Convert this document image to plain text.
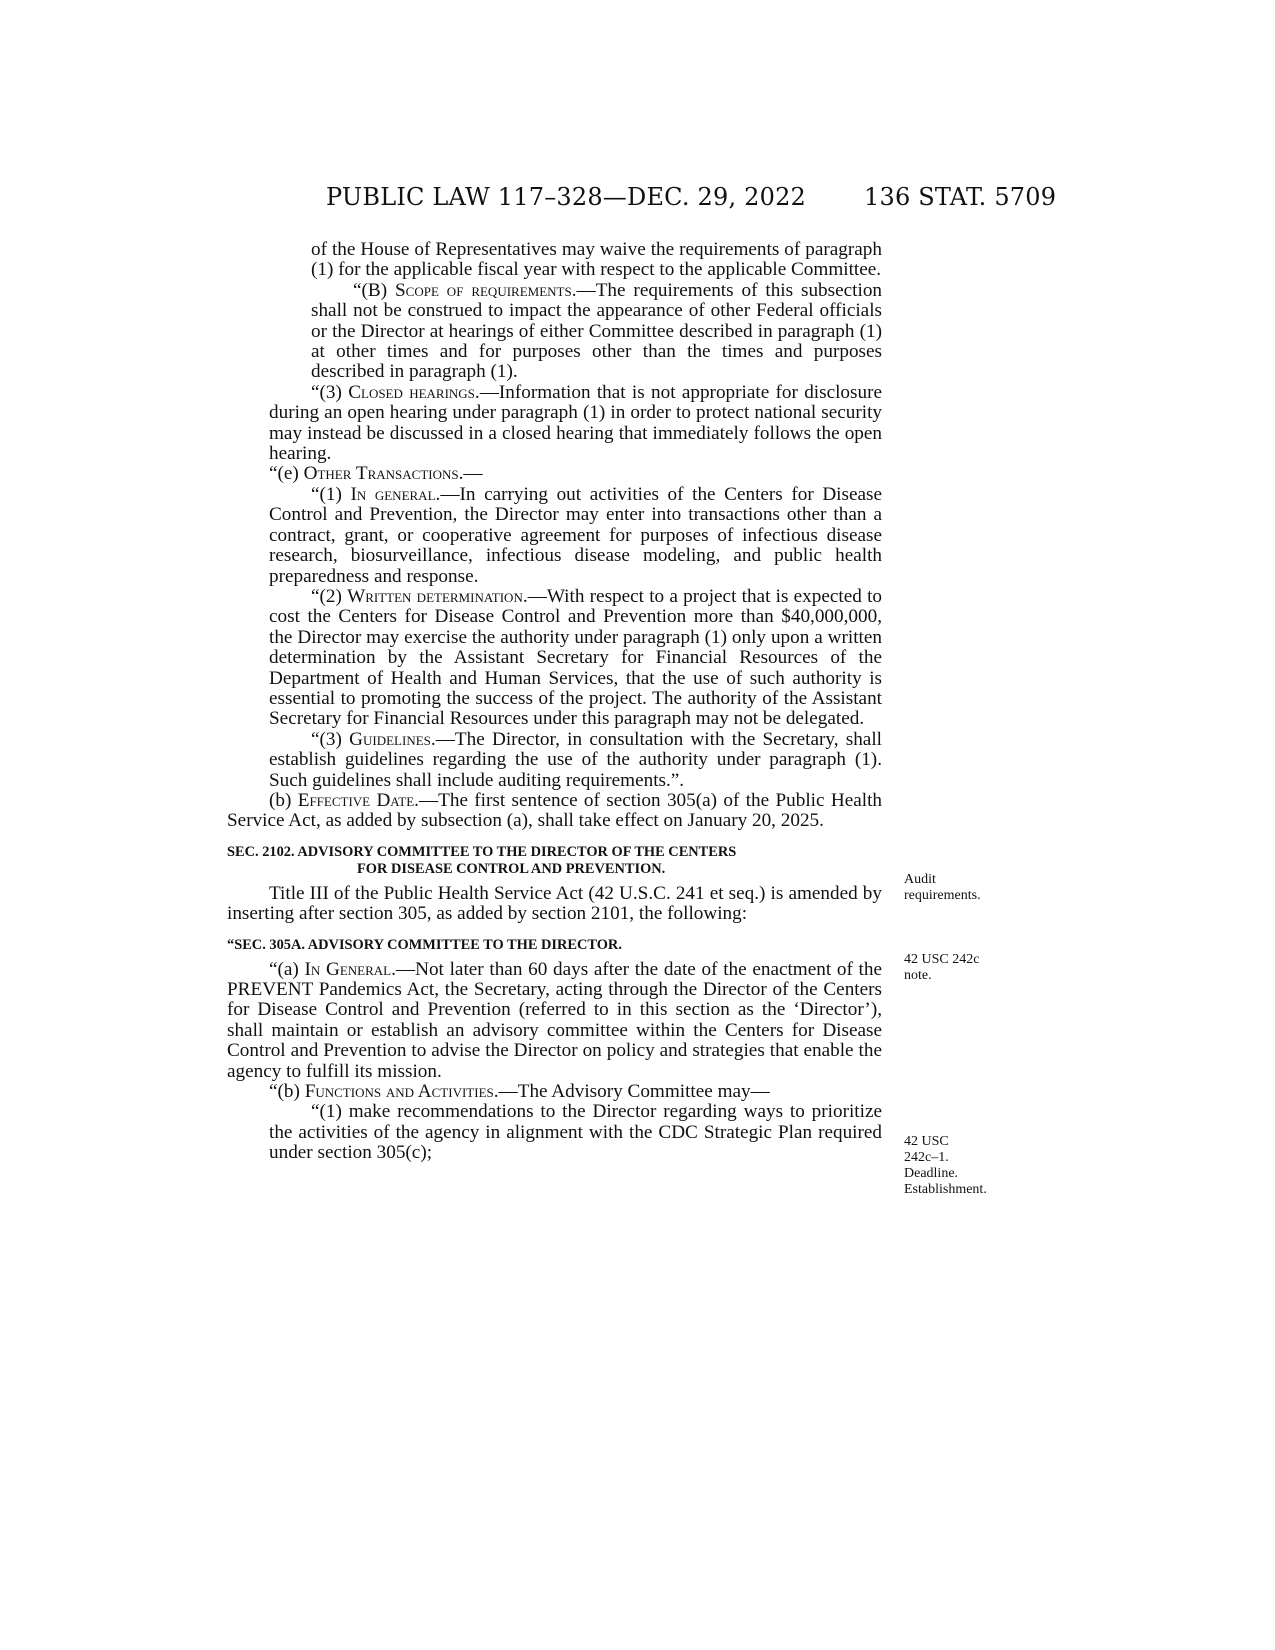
PUBLIC LAW 117–328—DEC. 29, 2022 136 STAT. 5709

of the House of Representatives may waive the requirements of paragraph (1) for the applicable fiscal year with respect to the applicable Committee.

“(B) Scope of requirements.—The requirements of this subsection shall not be construed to impact the appearance of other Federal officials or the Director at hearings of either Committee described in paragraph (1) at other times and for purposes other than the times and purposes described in paragraph (1).

“(3) Closed hearings.—Information that is not appropriate for disclosure during an open hearing under paragraph (1) in order to protect national security may instead be discussed in a closed hearing that immediately follows the open hearing.

“(e) Other Transactions.—

“(1) In general.—In carrying out activities of the Centers for Disease Control and Prevention, the Director may enter into transactions other than a contract, grant, or cooperative agreement for purposes of infectious disease research, biosurveillance, infectious disease modeling, and public health preparedness and response.

“(2) Written determination.—With respect to a project that is expected to cost the Centers for Disease Control and Prevention more than $40,000,000, the Director may exercise the authority under paragraph (1) only upon a written determination by the Assistant Secretary for Financial Resources of the Department of Health and Human Services, that the use of such authority is essential to promoting the success of the project. The authority of the Assistant Secretary for Financial Resources under this paragraph may not be delegated.

“(3) Guidelines.—The Director, in consultation with the Secretary, shall establish guidelines regarding the use of the authority under paragraph (1). Such guidelines shall include auditing requirements.”.

(b) Effective Date.—The first sentence of section 305(a) of the Public Health Service Act, as added by subsection (a), shall take effect on January 20, 2025.

SEC. 2102. ADVISORY COMMITTEE TO THE DIRECTOR OF THE CENTERS
FOR DISEASE CONTROL AND PREVENTION.

Title III of the Public Health Service Act (42 U.S.C. 241 et seq.) is amended by inserting after section 305, as added by section 2101, the following:

“SEC. 305A. ADVISORY COMMITTEE TO THE DIRECTOR.

“(a) In General.—Not later than 60 days after the date of the enactment of the PREVENT Pandemics Act, the Secretary, acting through the Director of the Centers for Disease Control and Prevention (referred to in this section as the ‘Director’), shall maintain or establish an advisory committee within the Centers for Disease Control and Prevention to advise the Director on policy and strategies that enable the agency to fulfill its mission.

“(b) Functions and Activities.—The Advisory Committee may—

“(1) make recommendations to the Director regarding ways to prioritize the activities of the agency in alignment with the CDC Strategic Plan required under section 305(c);

Audit
requirements.
42 USC 242c
note.
42 USC
242c–1.
Deadline.
Establishment.
